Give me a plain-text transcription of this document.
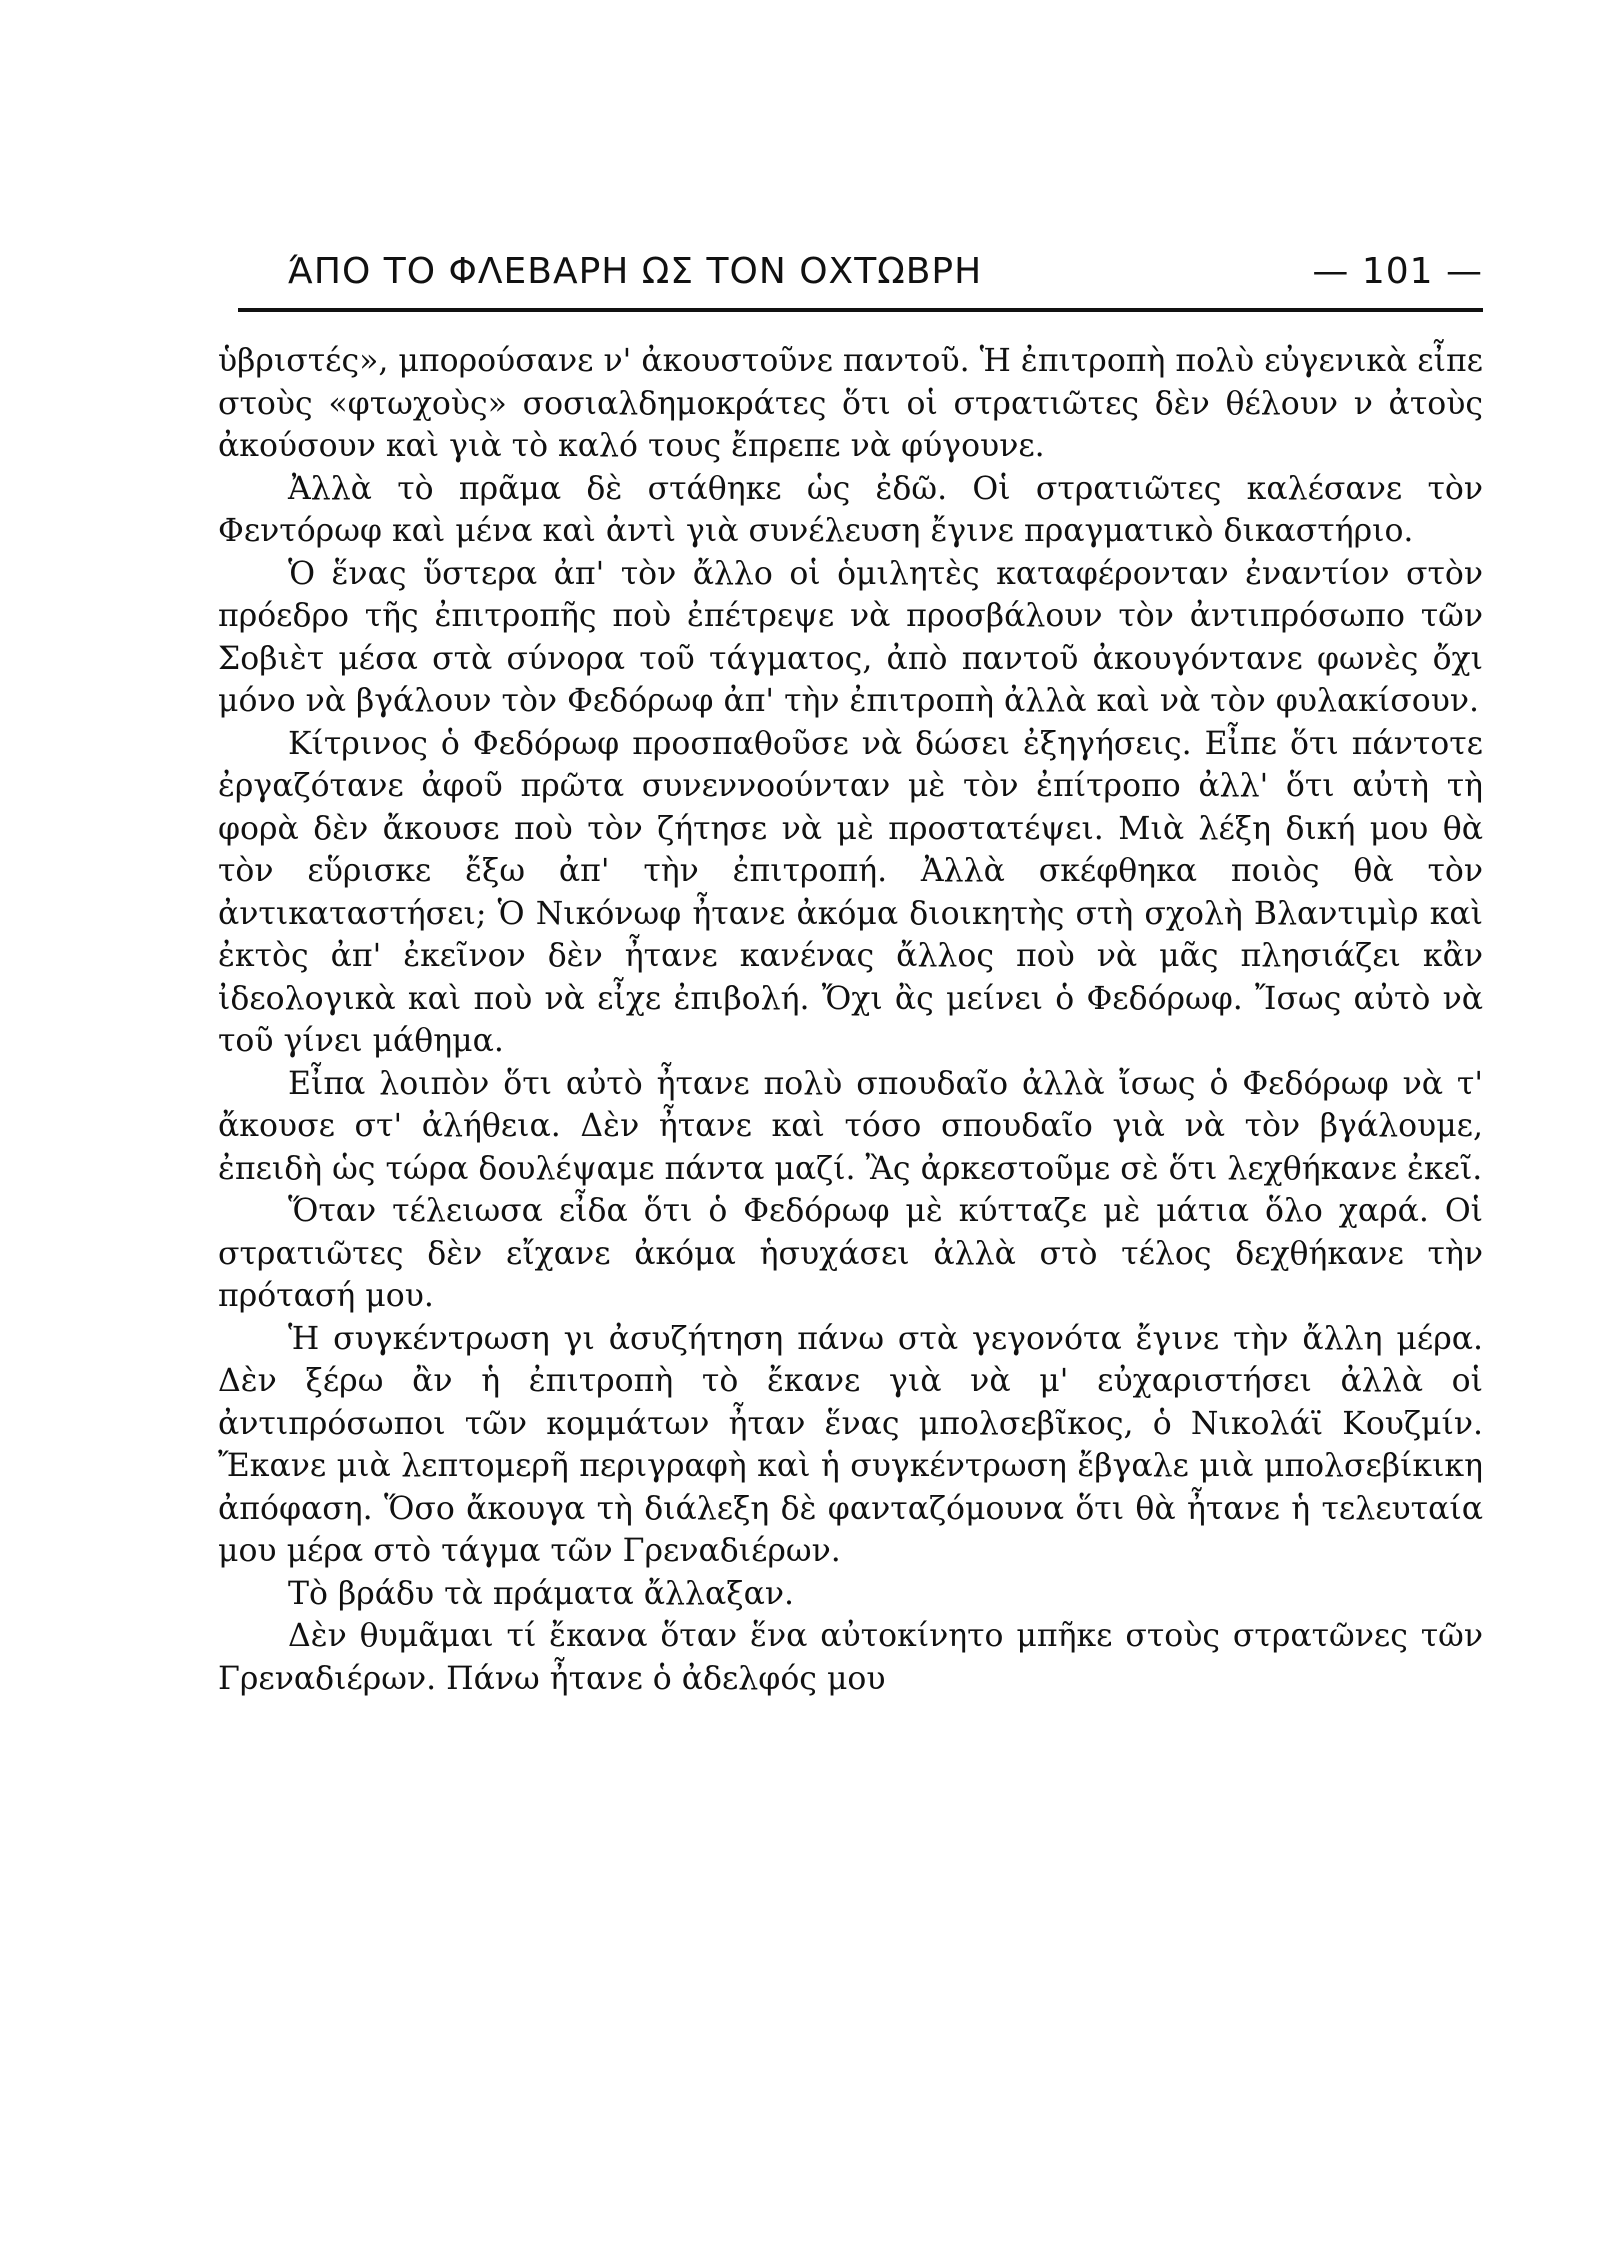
ΆΠΟ ΤΟ ΦΛΕΒΑΡΗ ΩΣ ΤΟΝ ΟΧΤΩΒΡΗ	— 101 —

ὑβριστές», μπορούσανε ν' ἀκουστοῦνε παντοῦ. Ἡ ἐπιτροπὴ πολὺ εὐγενικὰ εἶπε στοὺς «φτωχοὺς» σοσιαλδημοκράτες ὅτι οἱ στρατιῶτες δὲν θέλουν ν ἀτοὺς ἀκούσουν καὶ γιὰ τὸ καλό τους ἔπρεπε νὰ φύγουνε.

Ἀλλὰ τὸ πρᾶμα δὲ στάθηκε ὡς ἐδῶ. Οἱ στρατιῶτες καλέσανε τὸν Φεντόρωφ καὶ μένα καὶ ἀντὶ γιὰ συνέλευση ἔγινε πραγματικὸ δικαστήριο.

Ὁ ἕνας ὕστερα ἀπ' τὸν ἄλλο οἱ ὁμιλητὲς καταφέρονταν ἐναντίον στὸν πρόεδρο τῆς ἐπιτροπῆς ποὺ ἐπέτρεψε νὰ προσβάλουν τὸν ἀντιπρόσωπο τῶν Σοβιὲτ μέσα στὰ σύνορα τοῦ τάγματος, ἀπὸ παντοῦ ἀκουγόντανε φωνὲς ὄχι μόνο νὰ βγάλουν τὸν Φεδόρωφ ἀπ' τὴν ἐπιτροπὴ ἀλλὰ καὶ νὰ τὸν φυλακίσουν.

Κίτρινος ὁ Φεδόρωφ προσπαθοῦσε νὰ δώσει ἐξηγήσεις. Εἶπε ὅτι πάντοτε ἐργαζότανε ἀφοῦ πρῶτα συνεννοούνταν μὲ τὸν ἐπίτροπο ἀλλ' ὅτι αὐτὴ τὴ φορὰ δὲν ἄκουσε ποὺ τὸν ζήτησε νὰ μὲ προστατέψει. Μιὰ λέξη δική μου θὰ τὸν εὕρισκε ἔξω ἀπ' τὴν ἐπιτροπή. Ἀλλὰ σκέφθηκα ποιὸς θὰ τὸν ἀντικαταστήσει; Ὁ Νικόνωφ ἦτανε ἀκόμα διοικητὴς στὴ σχολὴ Βλαντιμὶρ καὶ ἐκτὸς ἀπ' ἐκεῖνον δὲν ἦτανε κανένας ἄλλος ποὺ νὰ μᾶς πλησιάζει κἂν ἰδεολογικὰ καὶ ποὺ νὰ εἶχε ἐπιβολή. Ὄχι ἂς μείνει ὁ Φεδόρωφ. Ἴσως αὐτὸ νὰ τοῦ γίνει μάθημα.

Εἶπα λοιπὸν ὅτι αὐτὸ ἦτανε πολὺ σπουδαῖο ἀλλὰ ἴσως ὁ Φεδόρωφ νὰ τ' ἄκουσε στ' ἀλήθεια. Δὲν ἦτανε καὶ τόσο σπουδαῖο γιὰ νὰ τὸν βγάλουμε, ἐπειδὴ ὡς τώρα δουλέψαμε πάντα μαζί. Ἂς ἀρκεστοῦμε σὲ ὅτι λεχθήκανε ἐκεῖ.

Ὅταν τέλειωσα εἶδα ὅτι ὁ Φεδόρωφ μὲ κύτταζε μὲ μάτια ὅλο χαρά. Οἱ στρατιῶτες δὲν εἴχανε ἀκόμα ἡσυχάσει ἀλλὰ στὸ τέλος δεχθήκανε τὴν πρότασή μου.

Ἡ συγκέντρωση γι ἀσυζήτηση πάνω στὰ γεγονότα ἔγινε τὴν ἄλλη μέρα. Δὲν ξέρω ἂν ἡ ἐπιτροπὴ τὸ ἔκανε γιὰ νὰ μ' εὐχαριστήσει ἀλλὰ οἱ ἀντιπρόσωποι τῶν κομμάτων ἦταν ἕνας μπολσεβῖκος, ὁ Νικολάϊ Κουζμίν. Ἔκανε μιὰ λεπτομερῆ περιγραφὴ καὶ ἡ συγκέντρωση ἔβγαλε μιὰ μπολσεβίκικη ἀπόφαση. Ὅσο ἄκουγα τὴ διάλεξη δὲ φανταζόμουνα ὅτι θὰ ἦτανε ἡ τελευταία μου μέρα στὸ τάγμα τῶν Γρεναδιέρων.

Τὸ βράδυ τὰ πράματα ἄλλαξαν.

Δὲν θυμᾶμαι τί ἔκανα ὅταν ἕνα αὐτοκίνητο μπῆκε στοὺς στρατῶνες τῶν Γρεναδιέρων. Πάνω ἦτανε ὁ ἀδελφός μου
